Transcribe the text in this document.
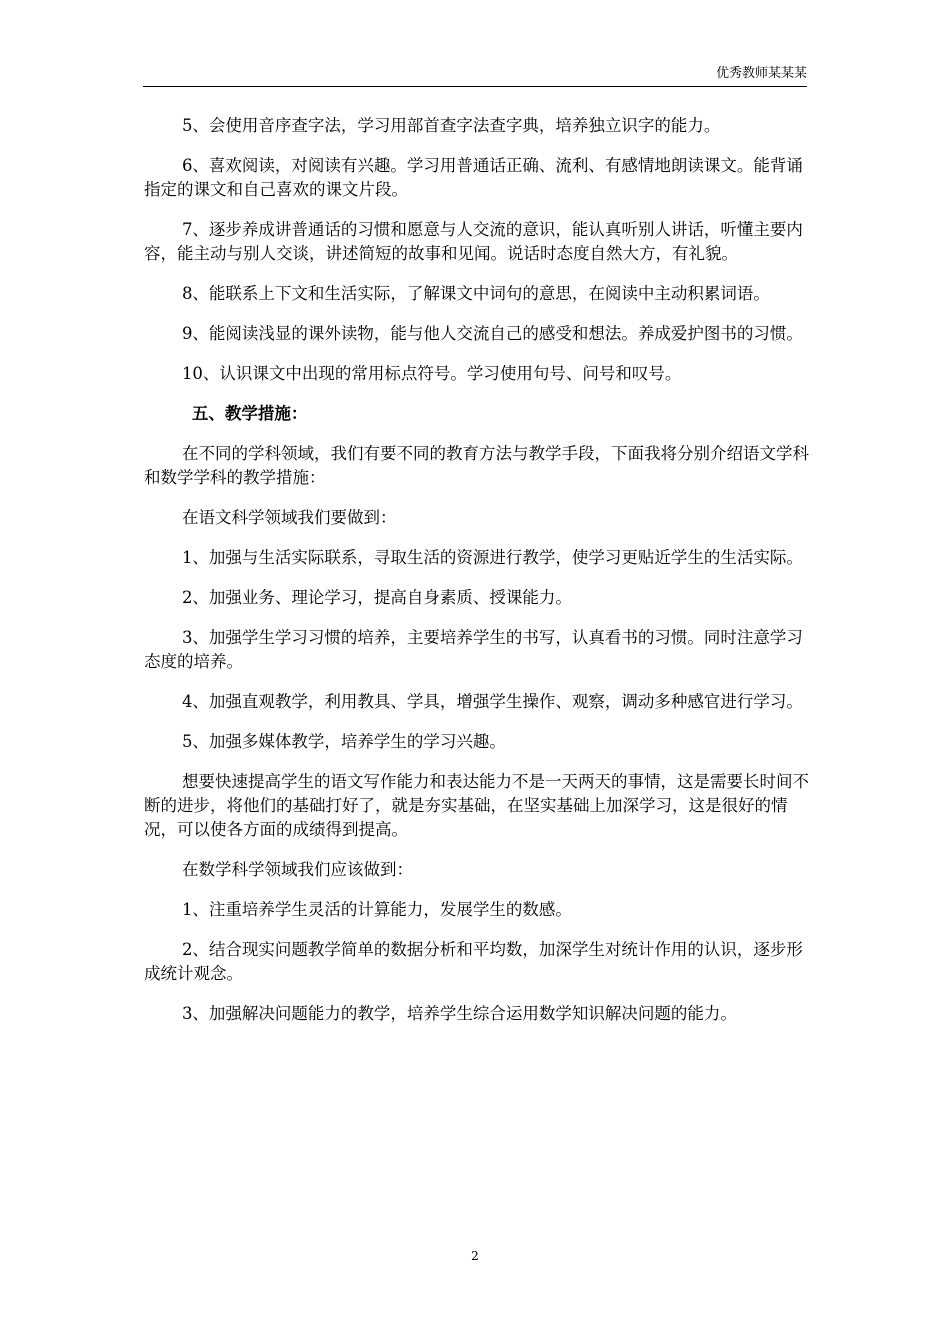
优秀教师某某某

5、会使用音序查字法，学习用部首查字法查字典，培养独立识字的能力。

6、喜欢阅读，对阅读有兴趣。学习用普通话正确、流利、有感情地朗读课文。能背诵指定的课文和自己喜欢的课文片段。

7、逐步养成讲普通话的习惯和愿意与人交流的意识，能认真听别人讲话，听懂主要内容，能主动与别人交谈，讲述简短的故事和见闻。说话时态度自然大方，有礼貌。

8、能联系上下文和生活实际，了解课文中词句的意思，在阅读中主动积累词语。

9、能阅读浅显的课外读物，能与他人交流自己的感受和想法。养成爱护图书的习惯。

10、认识课文中出现的常用标点符号。学习使用句号、问号和叹号。

五、教学措施：

在不同的学科领域，我们有要不同的教育方法与教学手段，下面我将分别介绍语文学科和数学学科的教学措施：

在语文科学领域我们要做到：

1、加强与生活实际联系，寻取生活的资源进行教学，使学习更贴近学生的生活实际。

2、加强业务、理论学习，提高自身素质、授课能力。

3、加强学生学习习惯的培养，主要培养学生的书写，认真看书的习惯。同时注意学习态度的培养。

4、加强直观教学，利用教具、学具，增强学生操作、观察，调动多种感官进行学习。

5、加强多媒体教学，培养学生的学习兴趣。

想要快速提高学生的语文写作能力和表达能力不是一天两天的事情，这是需要长时间不断的进步，将他们的基础打好了，就是夯实基础，在坚实基础上加深学习，这是很好的情况，可以使各方面的成绩得到提高。

在数学科学领域我们应该做到：

1、注重培养学生灵活的计算能力，发展学生的数感。

2、结合现实问题教学简单的数据分析和平均数，加深学生对统计作用的认识，逐步形成统计观念。

3、加强解决问题能力的教学，培养学生综合运用数学知识解决问题的能力。

2
